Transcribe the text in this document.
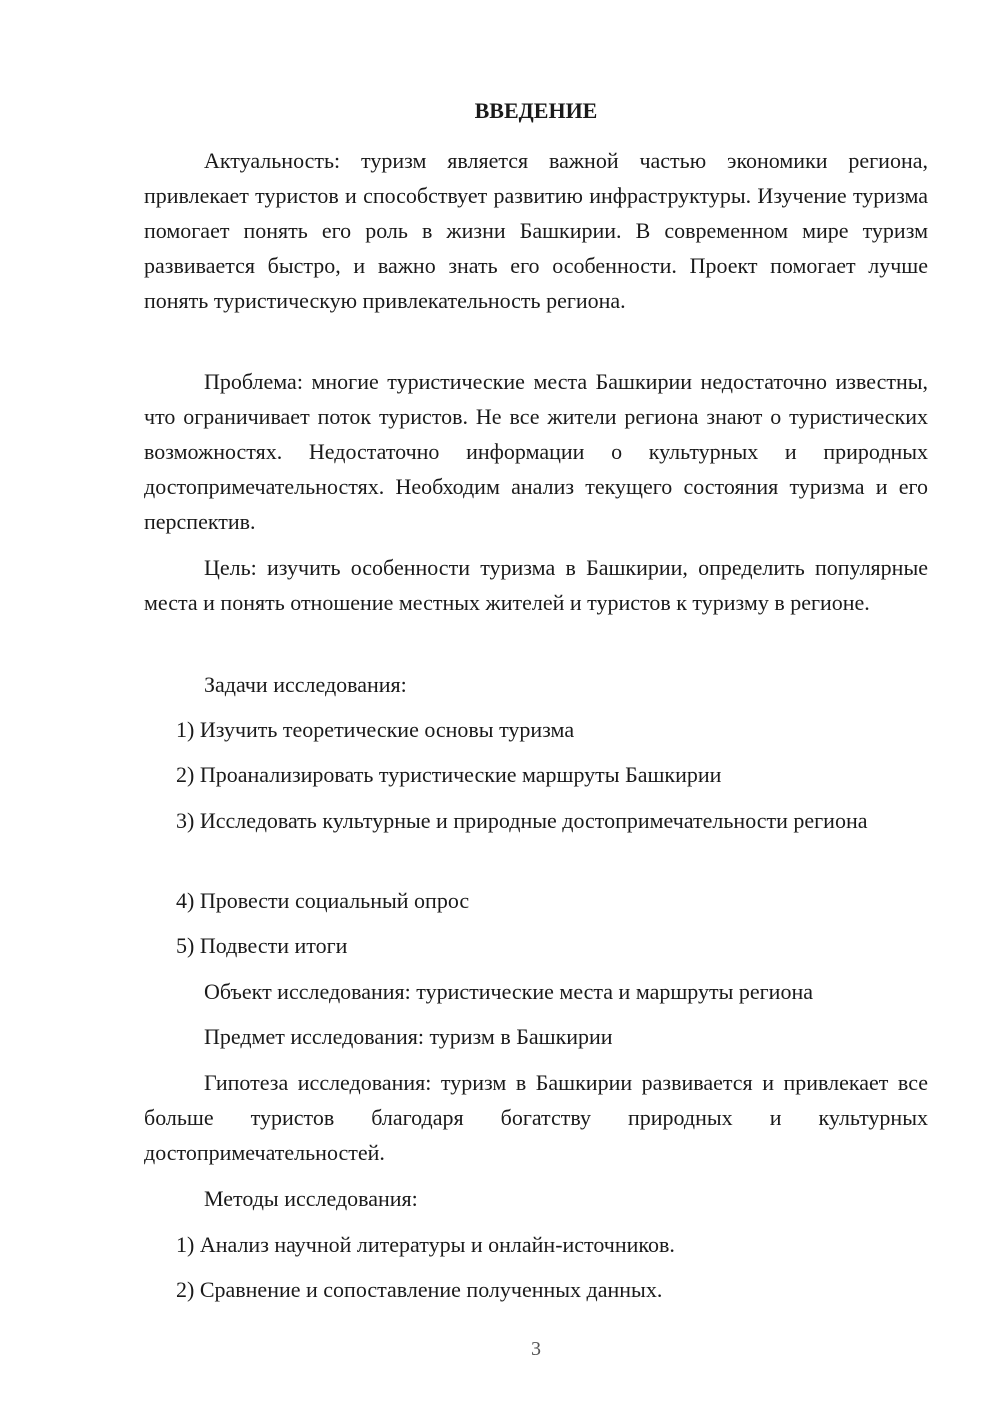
ВВЕДЕНИЕ

Актуальность: туризм является важной частью экономики региона, привлекает туристов и способствует развитию инфраструктуры. Изучение туризма помогает понять его роль в жизни Башкирии. В современном мире туризм развивается быстро, и важно знать его особенности. Проект помогает лучше понять туристическую привлекательность региона.

Проблема: многие туристические места Башкирии недостаточно известны, что ограничивает поток туристов. Не все жители региона знают о туристических возможностях. Недостаточно информации о культурных и природных достопримечательностях. Необходим анализ текущего состояния туризма и его перспектив.

Цель: изучить особенности туризма в Башкирии, определить популярные места и понять отношение местных жителей и туристов к туризму в регионе.

Задачи исследования:

1) Изучить теоретические основы туризма

2) Проанализировать туристические маршруты Башкирии

3) Исследовать культурные и природные достопримечательности региона

4) Провести социальный опрос

5) Подвести итоги

Объект исследования: туристические места и маршруты региона

Предмет исследования: туризм в Башкирии

Гипотеза исследования: туризм в Башкирии развивается и привлекает все больше туристов благодаря богатству природных и культурных достопримечательностей.

Методы исследования:

1) Анализ научной литературы и онлайн-источников.

2) Сравнение и сопоставление полученных данных.

3
